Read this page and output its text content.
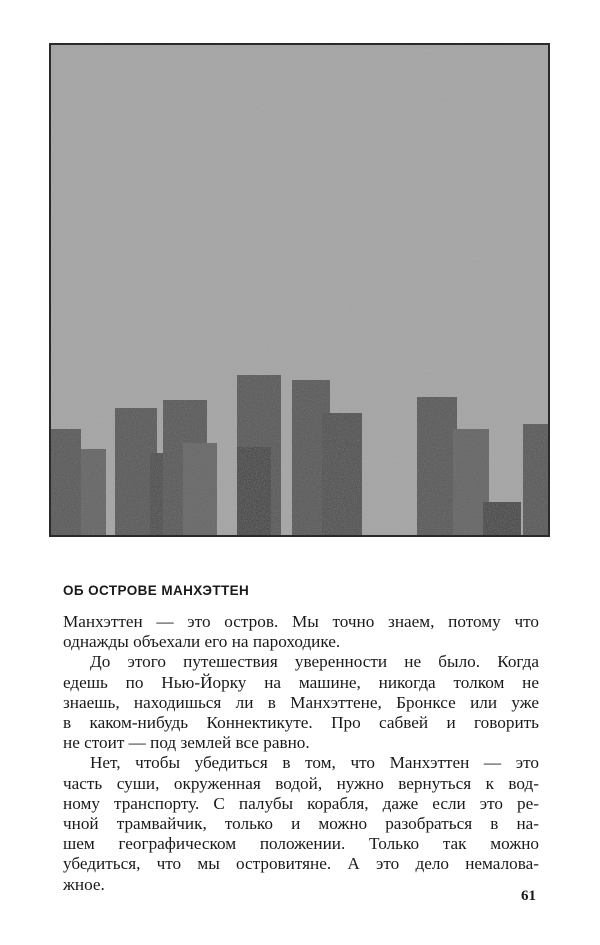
ОБ ОСТРОВЕ МАНХЭТТЕН
Манхэттен — это остров. Мы точно знаем, потому что
однажды объехали его на пароходике.
До этого путешествия уверенности не было. Когда
едешь по Нью-Йорку на машине, никогда толком не
знаешь, находишься ли в Манхэттене, Бронксе или уже
в каком-нибудь Коннектикуте. Про сабвей и говорить
не стоит — под землей все равно.
Нет, чтобы убедиться в том, что Манхэттен — это
часть суши, окруженная водой, нужно вернуться к вод-
ному транспорту. С палубы корабля, даже если это ре-
чной трамвайчик, только и можно разобраться в на-
шем географическом положении. Только так можно
убедиться, что мы островитяне. А это дело немалова-
жное.
61
